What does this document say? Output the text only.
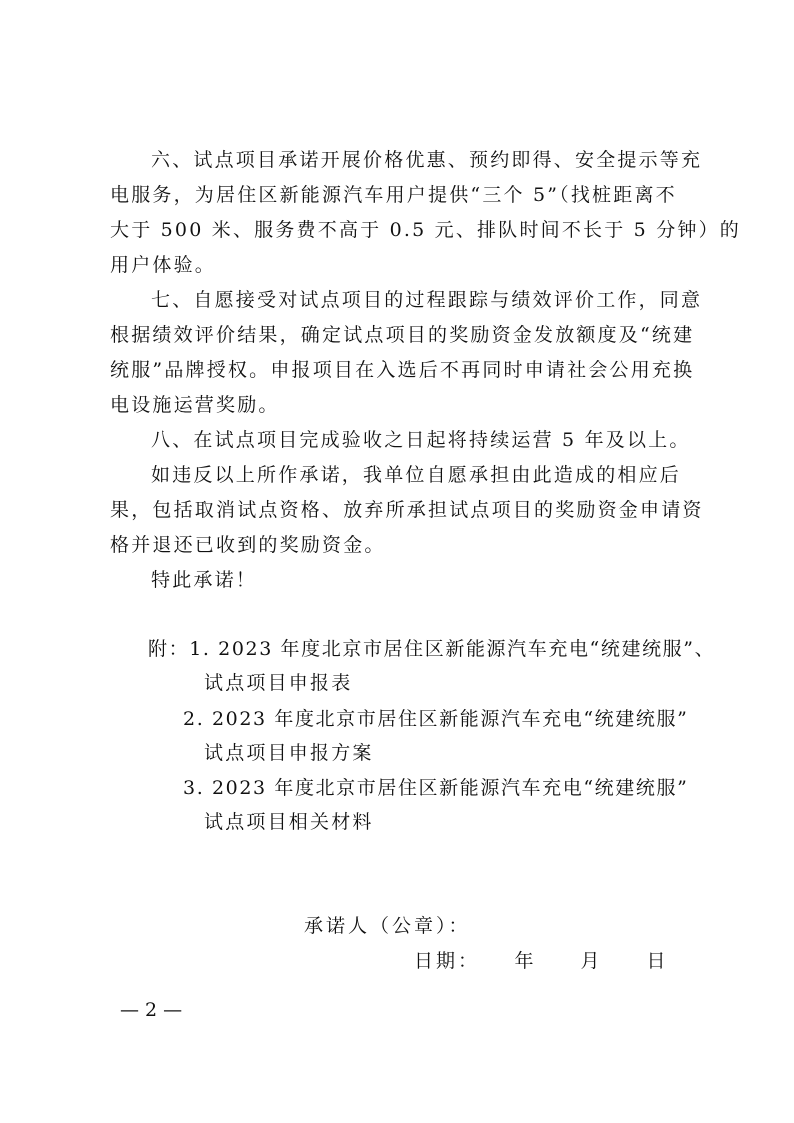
六、试点项目承诺开展价格优惠、预约即得、安全提示等充
电服务，为居住区新能源汽车用户提供“三个 5”（找桩距离不
大于 500 米、服务费不高于 0.5 元、排队时间不长于 5 分钟）的
用户体验。
七、自愿接受对试点项目的过程跟踪与绩效评价工作，同意
根据绩效评价结果，确定试点项目的奖励资金发放额度及“统建
统服”品牌授权。申报项目在入选后不再同时申请社会公用充换
电设施运营奖励。
八、在试点项目完成验收之日起将持续运营 5 年及以上。
如违反以上所作承诺，我单位自愿承担由此造成的相应后
果，包括取消试点资格、放弃所承担试点项目的奖励资金申请资
格并退还已收到的奖励资金。
特此承诺！
附：1. 2023 年度北京市居住区新能源汽车充电“统建统服”、
试点项目申报表
2. 2023 年度北京市居住区新能源汽车充电“统建统服”
试点项目申报方案
3. 2023 年度北京市居住区新能源汽车充电“统建统服”
试点项目相关材料
承诺人（公章）：
日期：　　年　　月　　日
— 2 —
